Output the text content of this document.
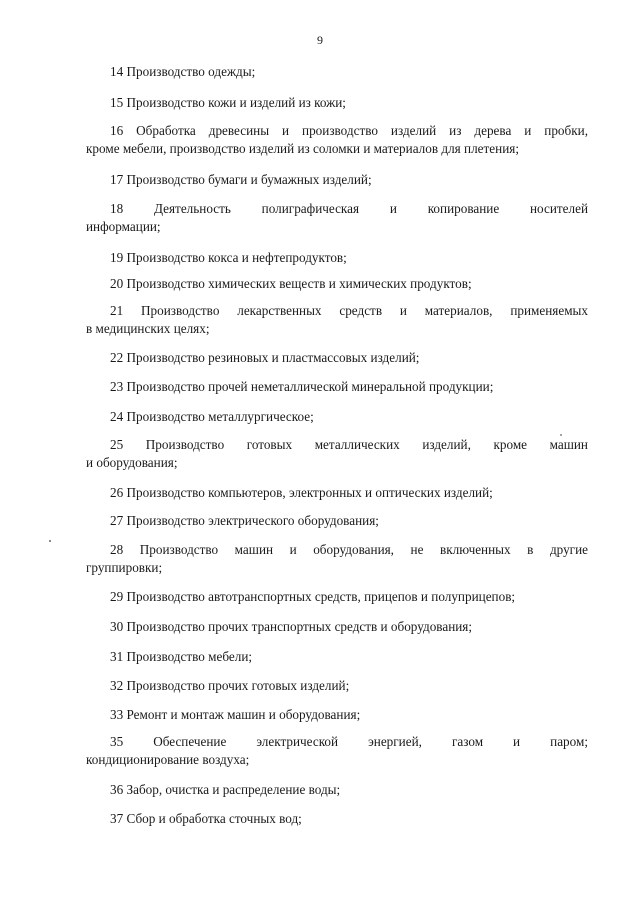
9
14 Производство одежды;
15 Производство кожи и изделий из кожи;
16 Обработка древесины и производство изделий из дерева и пробки,
кроме мебели, производство изделий из соломки и материалов для плетения;
17 Производство бумаги и бумажных изделий;
18 Деятельность полиграфическая и копирование носителей
информации;
19 Производство кокса и нефтепродуктов;
20 Производство химических веществ и химических продуктов;
21 Производство лекарственных средств и материалов, применяемых
в медицинских целях;
22 Производство резиновых и пластмассовых изделий;
23 Производство прочей неметаллической минеральной продукции;
24 Производство металлургическое;
25 Производство готовых металлических изделий, кроме машин
и оборудования;
26 Производство компьютеров, электронных и оптических изделий;
27 Производство электрического оборудования;
28 Производство машин и оборудования, не включенных в другие
группировки;
29 Производство автотранспортных средств, прицепов и полуприцепов;
30 Производство прочих транспортных средств и оборудования;
31 Производство мебели;
32 Производство прочих готовых изделий;
33 Ремонт и монтаж машин и оборудования;
35 Обеспечение электрической энергией, газом и паром;
кондиционирование воздуха;
36 Забор, очистка и распределение воды;
37 Сбор и обработка сточных вод;
